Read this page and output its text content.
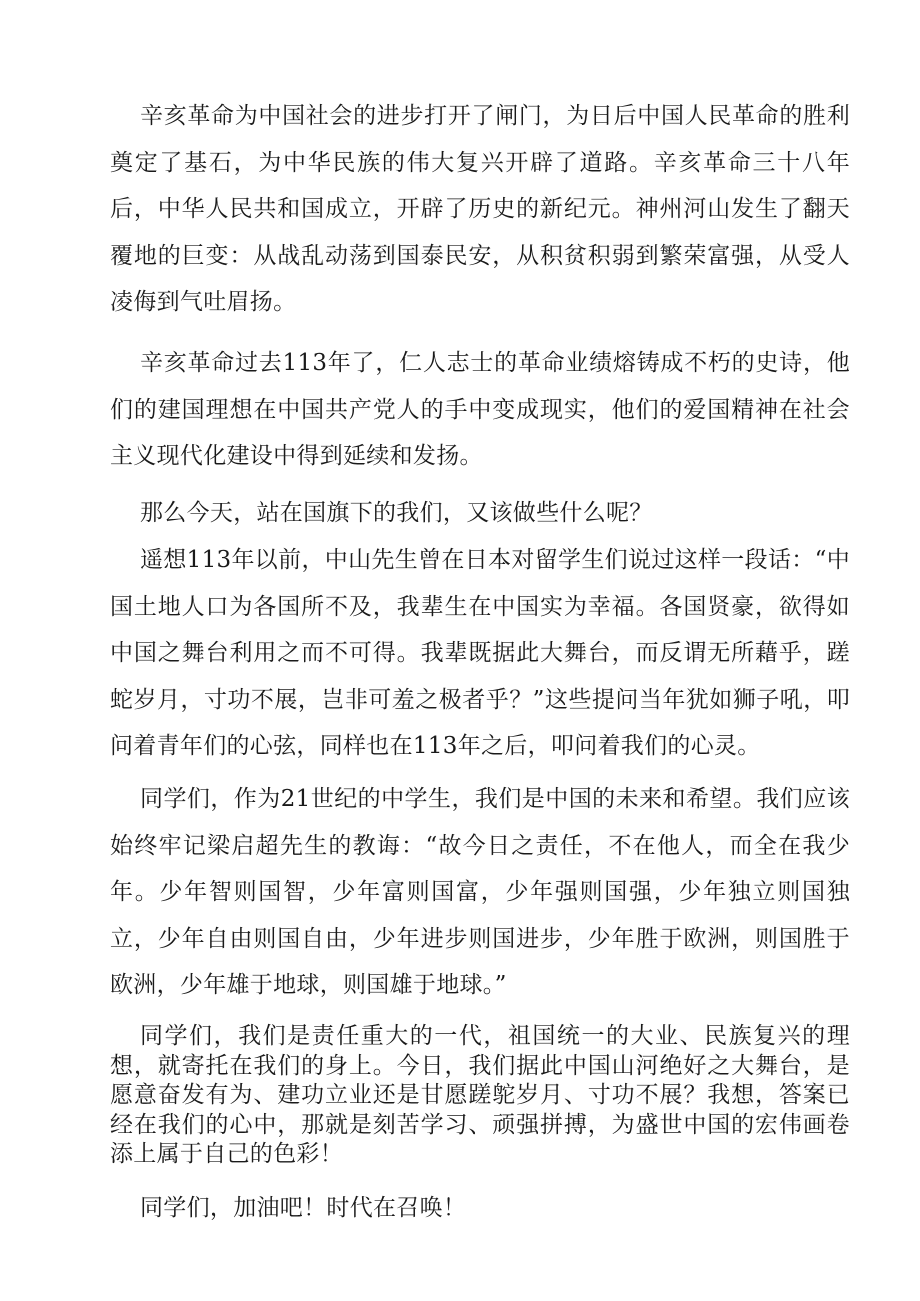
辛亥革命为中国社会的进步打开了闸门，为日后中国人民革命的胜利奠定了基石，为中华民族的伟大复兴开辟了道路。辛亥革命三十八年后，中华人民共和国成立，开辟了历史的新纪元。神州河山发生了翻天覆地的巨变：从战乱动荡到国泰民安，从积贫积弱到繁荣富强，从受人凌侮到气吐眉扬。

辛亥革命过去113年了，仁人志士的革命业绩熔铸成不朽的史诗，他们的建国理想在中国共产党人的手中变成现实，他们的爱国精神在社会主义现代化建设中得到延续和发扬。

那么今天，站在国旗下的我们，又该做些什么呢？

遥想113年以前，中山先生曾在日本对留学生们说过这样一段话：“中国土地人口为各国所不及，我辈生在中国实为幸福。各国贤豪，欲得如中国之舞台利用之而不可得。我辈既据此大舞台，而反谓无所藉乎，蹉蛇岁月，寸功不展，岂非可羞之极者乎？”这些提问当年犹如狮子吼，叩问着青年们的心弦，同样也在113年之后，叩问着我们的心灵。

同学们，作为21世纪的中学生，我们是中国的未来和希望。我们应该始终牢记梁启超先生的教诲：“故今日之责任，不在他人，而全在我少年。少年智则国智，少年富则国富，少年强则国强，少年独立则国独立，少年自由则国自由，少年进步则国进步，少年胜于欧洲，则国胜于欧洲，少年雄于地球，则国雄于地球。”

同学们，我们是责任重大的一代，祖国统一的大业、民族复兴的理想，就寄托在我们的身上。今日，我们据此中国山河绝好之大舞台，是愿意奋发有为、建功立业还是甘愿蹉鸵岁月、寸功不展？我想，答案已经在我们的心中，那就是刻苦学习、顽强拼搏，为盛世中国的宏伟画卷添上属于自己的色彩！

同学们，加油吧！时代在召唤！
